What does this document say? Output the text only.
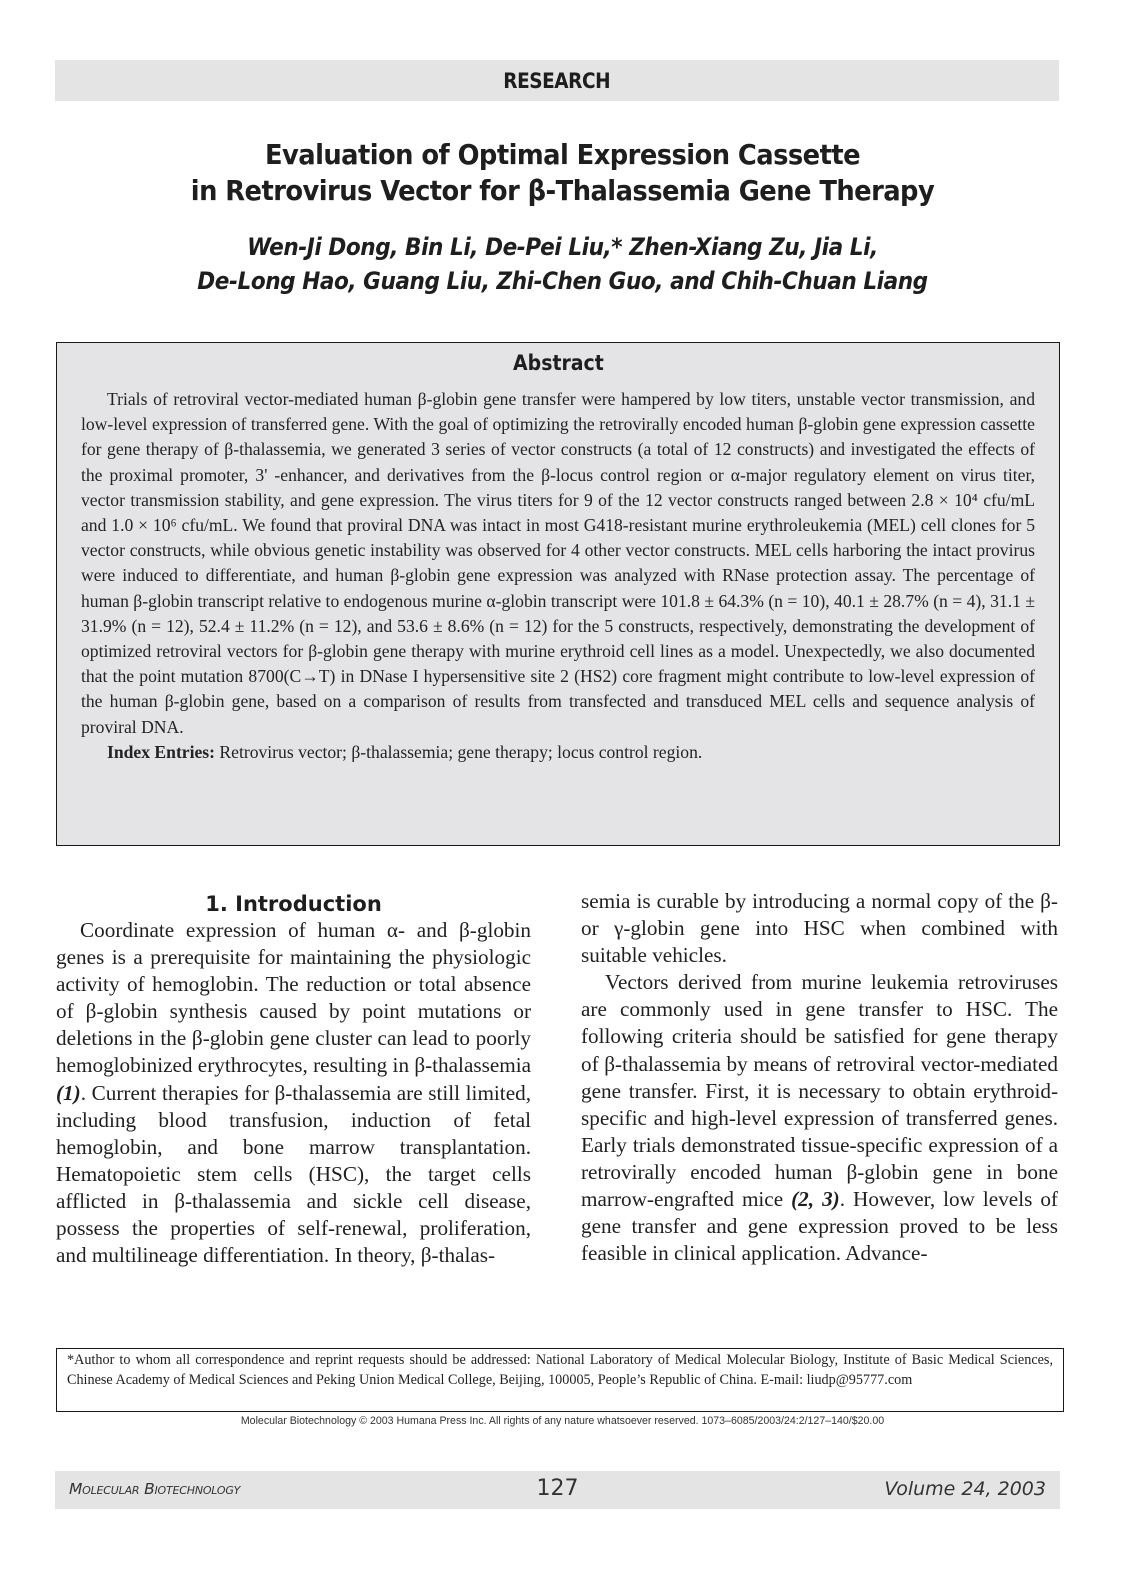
RESEARCH
Evaluation of Optimal Expression Cassette
in Retrovirus Vector for β-Thalassemia Gene Therapy
Wen-Ji Dong, Bin Li, De-Pei Liu,* Zhen-Xiang Zu, Jia Li,
De-Long Hao, Guang Liu, Zhi-Chen Guo, and Chih-Chuan Liang
Abstract

Trials of retroviral vector-mediated human β-globin gene transfer were hampered by low titers, unstable vector transmission, and low-level expression of transferred gene. With the goal of optimizing the retrovirally encoded human β-globin gene expression cassette for gene therapy of β-thalassemia, we generated 3 series of vector constructs (a total of 12 constructs) and investigated the effects of the proximal promoter, 3' -enhancer, and derivatives from the β-locus control region or α-major regulatory element on virus titer, vector transmission stability, and gene expression. The virus titers for 9 of the 12 vector constructs ranged between 2.8 × 10⁴ cfu/mL and 1.0 × 10⁶ cfu/mL. We found that proviral DNA was intact in most G418-resistant murine erythroleukemia (MEL) cell clones for 5 vector constructs, while obvious genetic instability was observed for 4 other vector constructs. MEL cells harboring the intact provirus were induced to differentiate, and human β-globin gene expression was analyzed with RNase protection assay. The percentage of human β-globin transcript relative to endogenous murine α-globin transcript were 101.8 ± 64.3% (n = 10), 40.1 ± 28.7% (n = 4), 31.1 ± 31.9% (n = 12), 52.4 ± 11.2% (n = 12), and 53.6 ± 8.6% (n = 12) for the 5 constructs, respectively, demonstrating the development of optimized retroviral vectors for β-globin gene therapy with murine erythroid cell lines as a model. Unexpectedly, we also documented that the point mutation 8700(C→T) in DNase I hypersensitive site 2 (HS2) core fragment might contribute to low-level expression of the human β-globin gene, based on a comparison of results from transfected and transduced MEL cells and sequence analysis of proviral DNA.

Index Entries: Retrovirus vector; β-thalassemia; gene therapy; locus control region.

1. Introduction

Coordinate expression of human α- and β-globin genes is a prerequisite for maintaining the physiologic activity of hemoglobin. The reduction or total absence of β-globin synthesis caused by point mutations or deletions in the β-globin gene cluster can lead to poorly hemoglobinized erythrocytes, resulting in β-thalassemia (1). Current therapies for β-thalassemia are still limited, including blood transfusion, induction of fetal hemoglobin, and bone marrow transplantation. Hematopoietic stem cells (HSC), the target cells afflicted in β-thalassemia and sickle cell disease, possess the properties of self-renewal, proliferation, and multilineage differentiation. In theory, β-thalas-

semia is curable by introducing a normal copy of the β- or γ-globin gene into HSC when combined with suitable vehicles.

Vectors derived from murine leukemia retroviruses are commonly used in gene transfer to HSC. The following criteria should be satisfied for gene therapy of β-thalassemia by means of retroviral vector-mediated gene transfer. First, it is necessary to obtain erythroid-specific and high-level expression of transferred genes. Early trials demonstrated tissue-specific expression of a retrovirally encoded human β-globin gene in bone marrow-engrafted mice (2, 3). However, low levels of gene transfer and gene expression proved to be less feasible in clinical application. Advance-

*Author to whom all correspondence and reprint requests should be addressed: National Laboratory of Medical Molecular Biology, Institute of Basic Medical Sciences, Chinese Academy of Medical Sciences and Peking Union Medical College, Beijing, 100005, People’s Republic of China. E-mail: liudp@95777.com
Molecular Biotechnology © 2003 Humana Press Inc. All rights of any nature whatsoever reserved. 1073–6085/2003/24:2/127–140/$20.00
Molecular Biotechnology	127	Volume 24, 2003
